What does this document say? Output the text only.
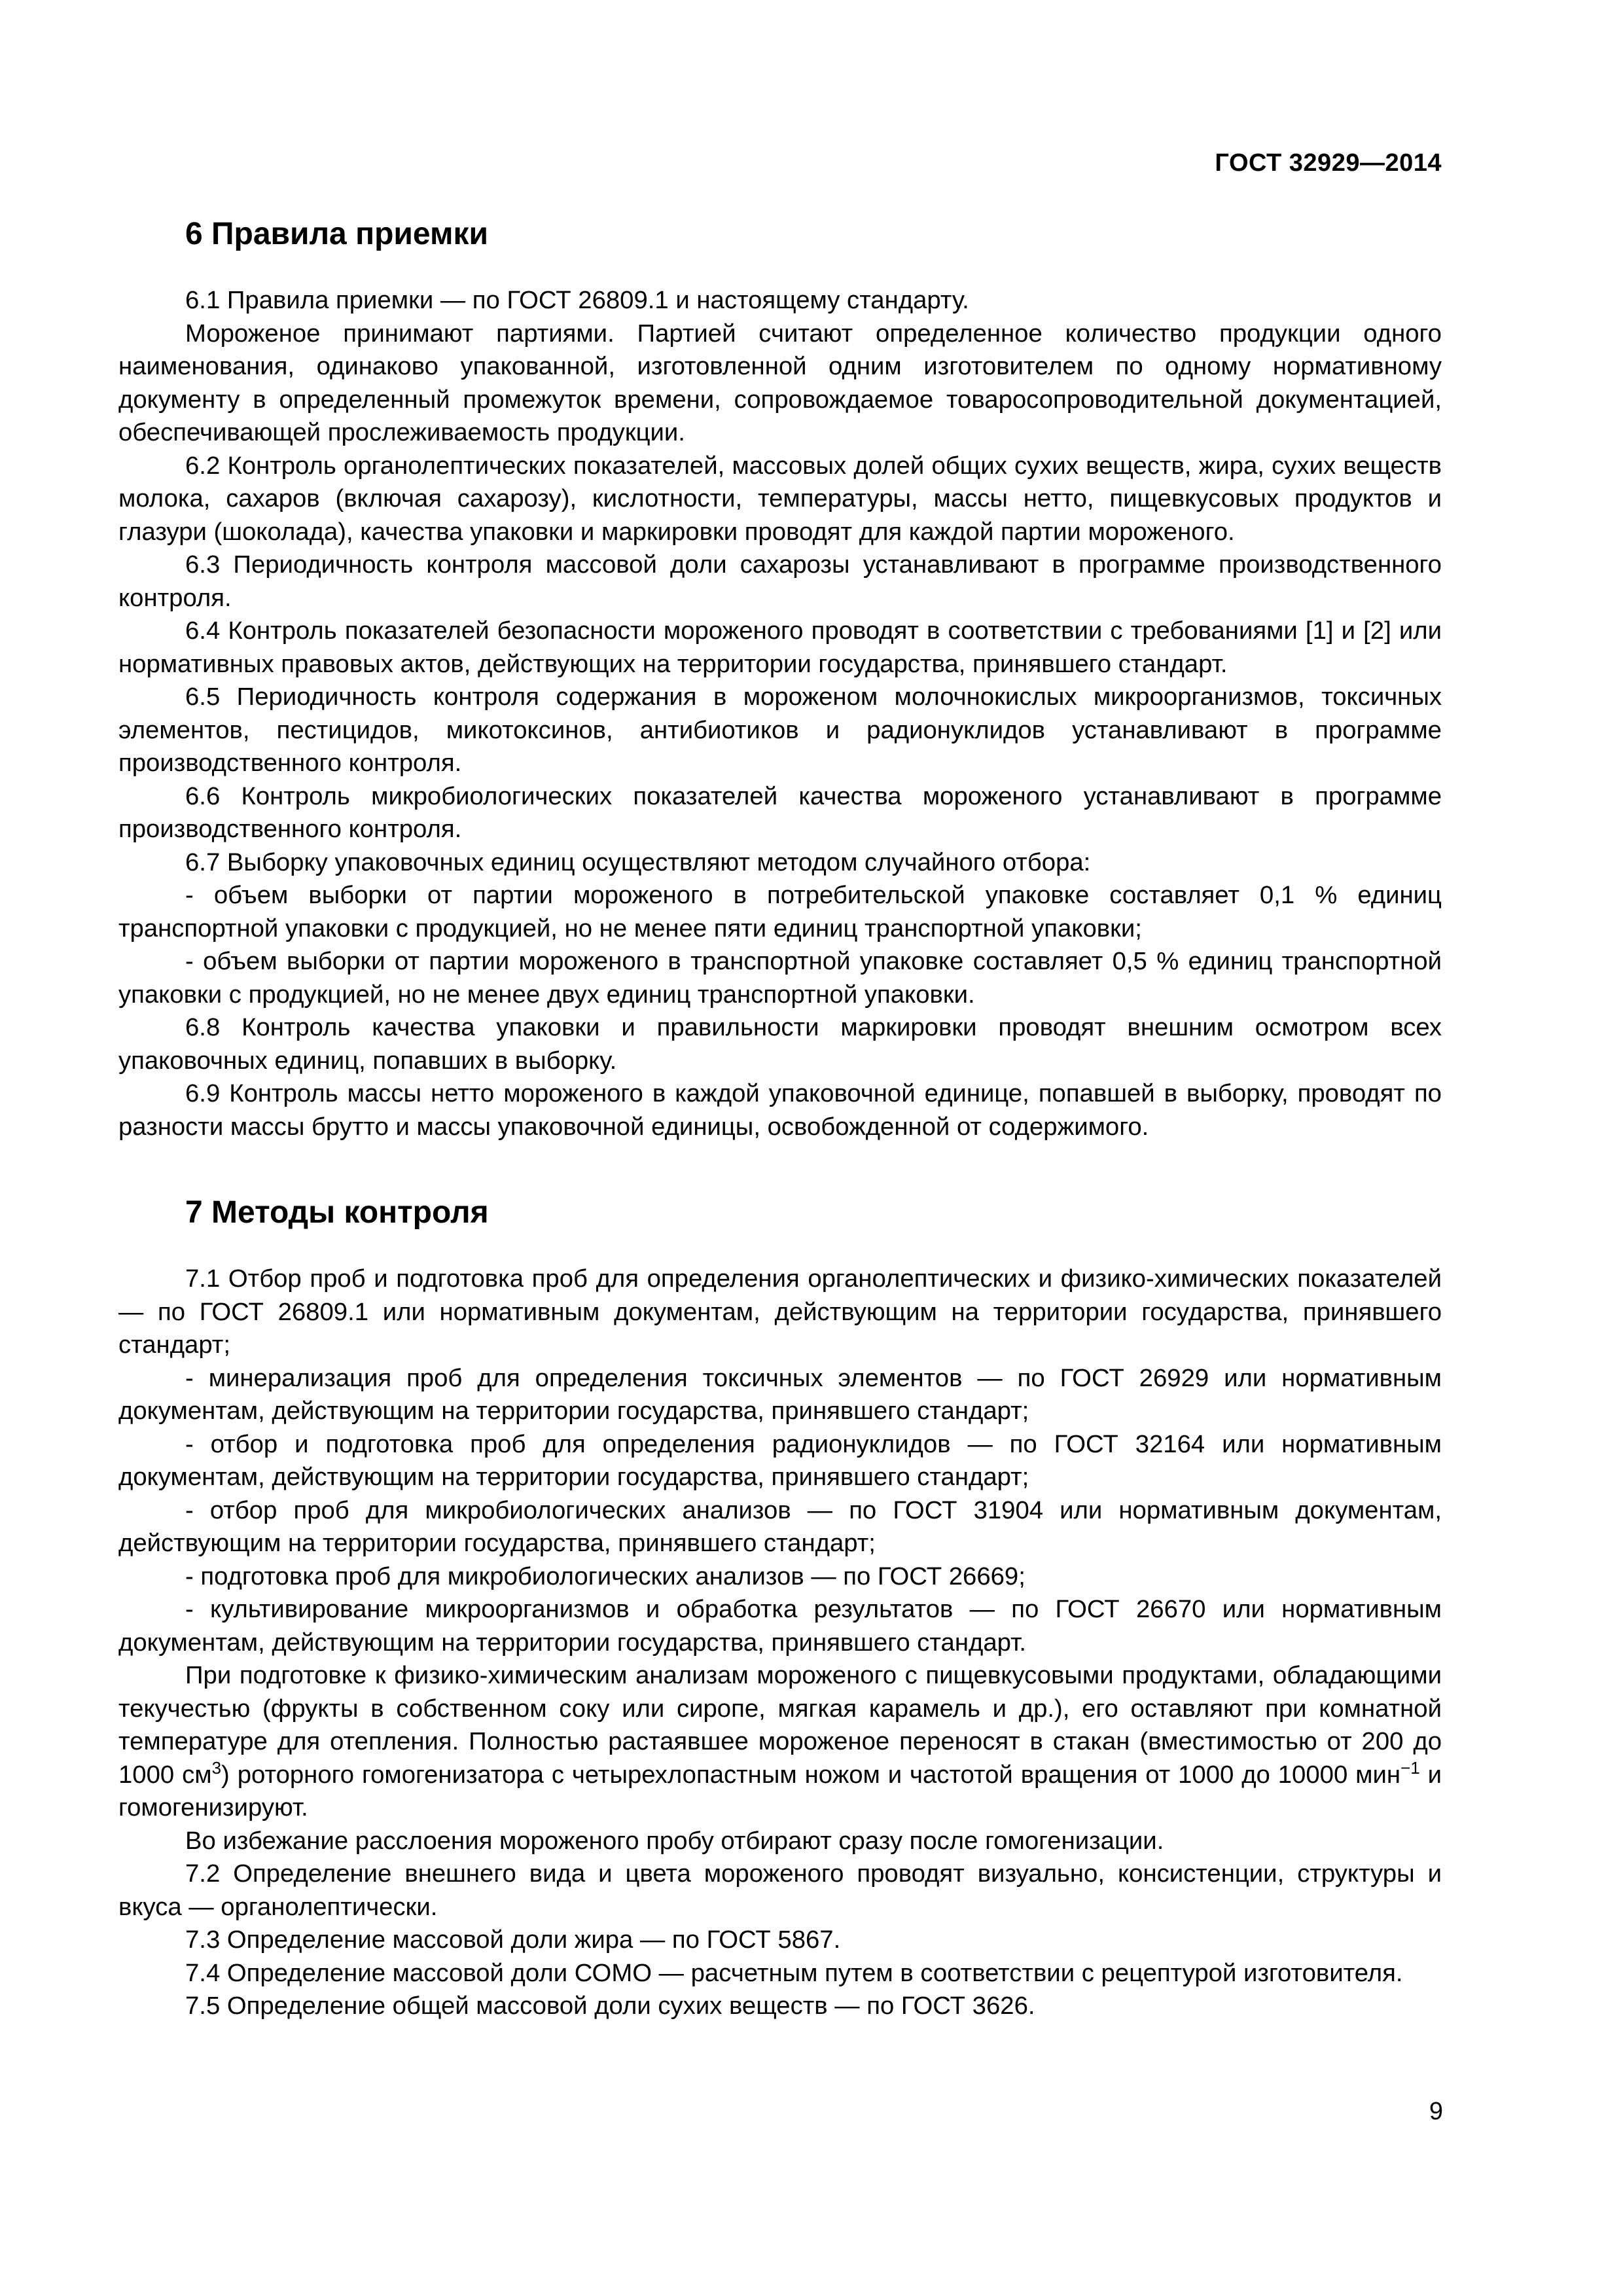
ГОСТ 32929—2014
6 Правила приемки

6.1 Правила приемки — по ГОСТ 26809.1 и настоящему стандарту.

Мороженое принимают партиями. Партией считают определенное количество продукции одного наименования, одинаково упакованной, изготовленной одним изготовителем по одному нормативному документу в определенный промежуток времени, сопровождаемое товаросопроводительной документацией, обеспечивающей прослеживаемость продукции.

6.2 Контроль органолептических показателей, массовых долей общих сухих веществ, жира, сухих веществ молока, сахаров (включая сахарозу), кислотности, температуры, массы нетто, пищевкусовых продуктов и глазури (шоколада), качества упаковки и маркировки проводят для каждой партии мороженого.

6.3 Периодичность контроля массовой доли сахарозы устанавливают в программе производственного контроля.

6.4 Контроль показателей безопасности мороженого проводят в соответствии с требованиями [1] и [2] или нормативных правовых актов, действующих на территории государства, принявшего стандарт.

6.5 Периодичность контроля содержания в мороженом молочнокислых микроорганизмов, токсичных элементов, пестицидов, микотоксинов, антибиотиков и радионуклидов устанавливают в программе производственного контроля.

6.6 Контроль микробиологических показателей качества мороженого устанавливают в программе производственного контроля.

6.7 Выборку упаковочных единиц осуществляют методом случайного отбора:

- объем выборки от партии мороженого в потребительской упаковке составляет 0,1 % единиц транспортной упаковки с продукцией, но не менее пяти единиц транспортной упаковки;

- объем выборки от партии мороженого в транспортной упаковке составляет 0,5 % единиц транспортной упаковки с продукцией, но не менее двух единиц транспортной упаковки.

6.8 Контроль качества упаковки и правильности маркировки проводят внешним осмотром всех упаковочных единиц, попавших в выборку.

6.9 Контроль массы нетто мороженого в каждой упаковочной единице, попавшей в выборку, проводят по разности массы брутто и массы упаковочной единицы, освобожденной от содержимого.

7 Методы контроля

7.1 Отбор проб и подготовка проб для определения органолептических и физико-химических показателей — по ГОСТ 26809.1 или нормативным документам, действующим на территории государства, принявшего стандарт;

- минерализация проб для определения токсичных элементов — по ГОСТ 26929 или нормативным документам, действующим на территории государства, принявшего стандарт;

- отбор и подготовка проб для определения радионуклидов — по ГОСТ 32164 или нормативным документам, действующим на территории государства, принявшего стандарт;

- отбор проб для микробиологических анализов — по ГОСТ 31904 или нормативным документам, действующим на территории государства, принявшего стандарт;

- подготовка проб для микробиологических анализов — по ГОСТ 26669;

- культивирование микроорганизмов и обработка результатов — по ГОСТ 26670 или нормативным документам, действующим на территории государства, принявшего стандарт.

При подготовке к физико-химическим анализам мороженого с пищевкусовыми продуктами, обладающими текучестью (фрукты в собственном соку или сиропе, мягкая карамель и др.), его оставляют при комнатной температуре для отепления. Полностью растаявшее мороженое переносят в стакан (вместимостью от 200 до 1000 $см^3$) роторного гомогенизатора с четырехлопастным ножом и частотой вращения от 1000 до 10000 мин$^{-1}$ и гомогенизируют.

Во избежание расслоения мороженого пробу отбирают сразу после гомогенизации.

7.2 Определение внешнего вида и цвета мороженого проводят визуально, консистенции, структуры и вкуса — органолептически.

7.3 Определение массовой доли жира — по ГОСТ 5867.

7.4 Определение массовой доли СОМО — расчетным путем в соответствии с рецептурой изготовителя.

7.5 Определение общей массовой доли сухих веществ — по ГОСТ 3626.

9
